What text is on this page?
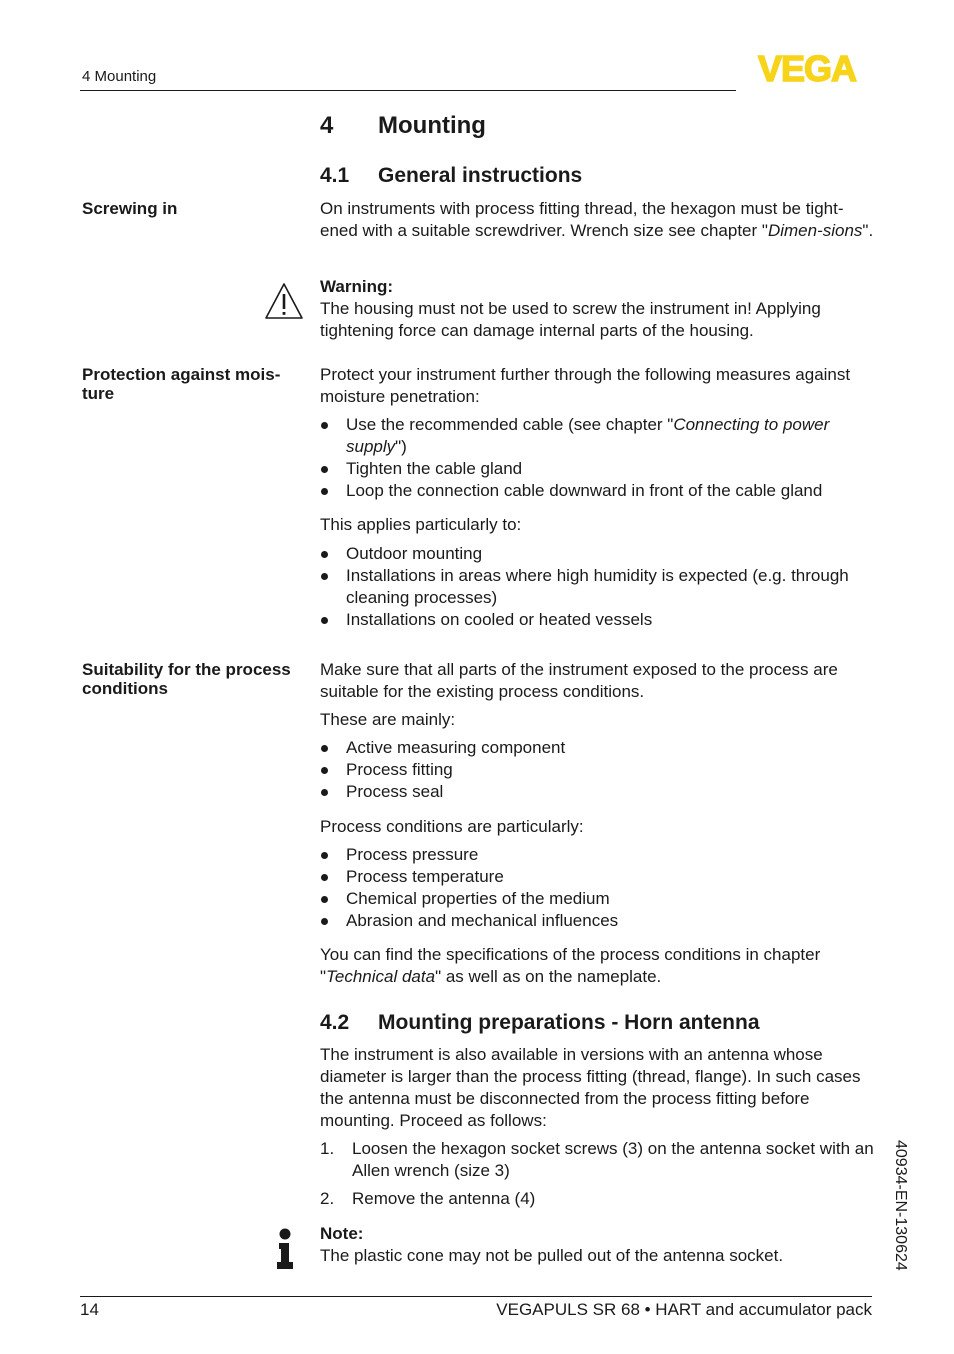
4 Mounting	VEGA
4 Mounting
4.1 General instructions
Screwing in	On instruments with process fitting thread, the hexagon must be tight-ened with a suitable screwdriver. Wrench size see chapter "Dimen-sions".
Warning:
The housing must not be used to screw the instrument in! Applying tightening force can damage internal parts of the housing.
Protection against mois-ture
Protect your instrument further through the following measures against moisture penetration:
Use the recommended cable (see chapter "Connecting to power supply")
Tighten the cable gland
Loop the connection cable downward in front of the cable gland
This applies particularly to:
Outdoor mounting
Installations in areas where high humidity is expected (e.g. through cleaning processes)
Installations on cooled or heated vessels
Suitability for the process conditions
Make sure that all parts of the instrument exposed to the process are suitable for the existing process conditions.
These are mainly:
Active measuring component
Process fitting
Process seal
Process conditions are particularly:
Process pressure
Process temperature
Chemical properties of the medium
Abrasion and mechanical influences
You can find the specifications of the process conditions in chapter "Technical data" as well as on the nameplate.
4.2 Mounting preparations - Horn antenna
The instrument is also available in versions with an antenna whose diameter is larger than the process fitting (thread, flange). In such cases the antenna must be disconnected from the process fitting before mounting. Proceed as follows:
1. Loosen the hexagon socket screws (3) on the antenna socket with an Allen wrench (size 3)
2. Remove the antenna (4)
Note:
The plastic cone may not be pulled out of the antenna socket.	40934-EN-130624
14	VEGAPULS SR 68 • HART and accumulator pack
